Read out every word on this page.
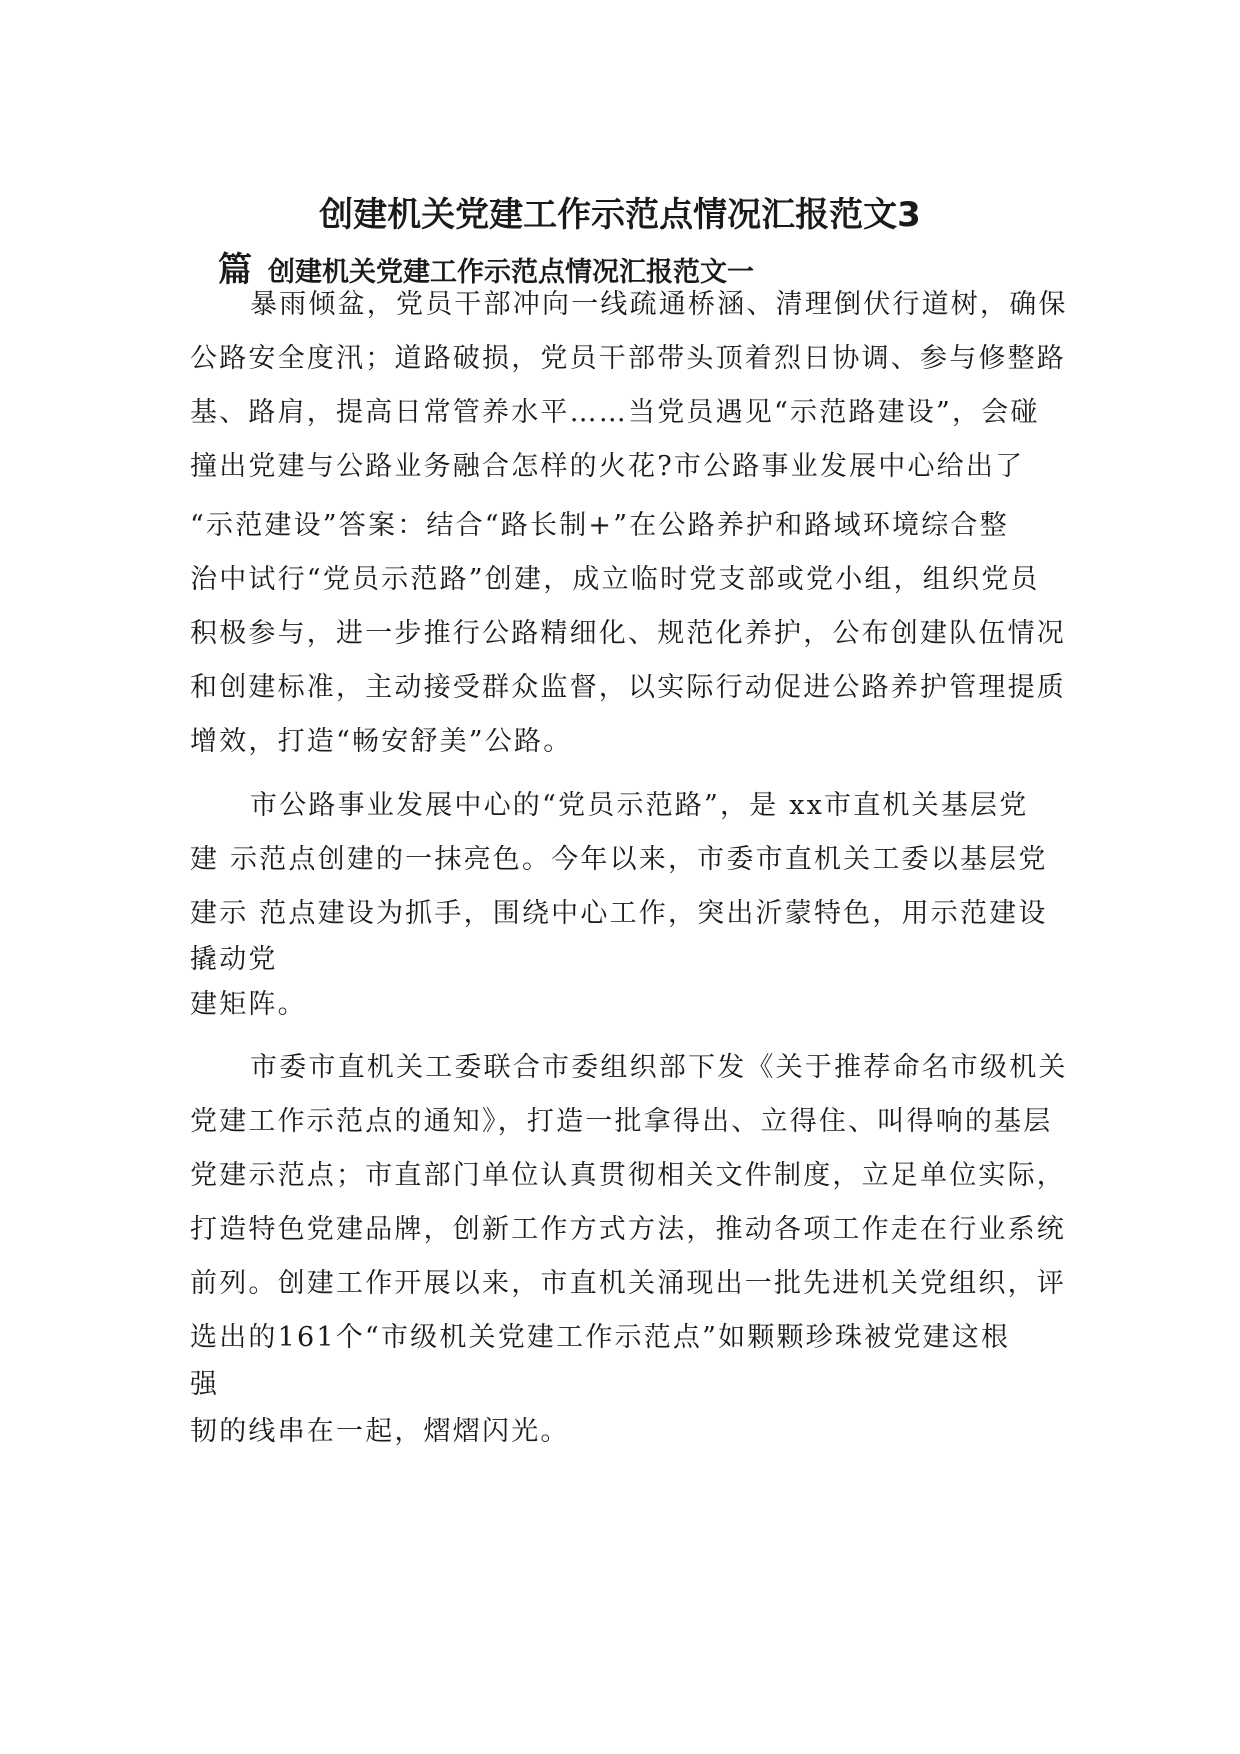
创建机关党建工作示范点情况汇报范文3
篇 创建机关党建工作示范点情况汇报范文一

暴雨倾盆，党员干部冲向一线疏通桥涵、清理倒伏行道树，确保

公路安全度汛；道路破损，党员干部带头顶着烈日协调、参与修整路

基、路肩，提高日常管养水平……当党员遇见“示范路建设”，会碰

撞出党建与公路业务融合怎样的火花?市公路事业发展中心给出了

“示范建设”答案：结合“路长制+”在公路养护和路域环境综合整

治中试行“党员示范路”创建，成立临时党支部或党小组，组织党员

积极参与，进一步推行公路精细化、规范化养护，公布创建队伍情况

和创建标准，主动接受群众监督，以实际行动促进公路养护管理提质

增效，打造“畅安舒美”公路。

市公路事业发展中心的“党员示范路”，是 xx市直机关基层党

建 示范点创建的一抹亮色。今年以来，市委市直机关工委以基层党

建示 范点建设为抓手，围绕中心工作，突出沂蒙特色，用示范建设

撬动党

建矩阵。

市委市直机关工委联合市委组织部下发《关于推荐命名市级机关

党建工作示范点的通知》，打造一批拿得出、立得住、叫得响的基层

党建示范点；市直部门单位认真贯彻相关文件制度，立足单位实际，

打造特色党建品牌，创新工作方式方法，推动各项工作走在行业系统

前列。创建工作开展以来，市直机关涌现出一批先进机关党组织，评

选出的161个“市级机关党建工作示范点”如颗颗珍珠被党建这根

强

韧的线串在一起，熠熠闪光。
